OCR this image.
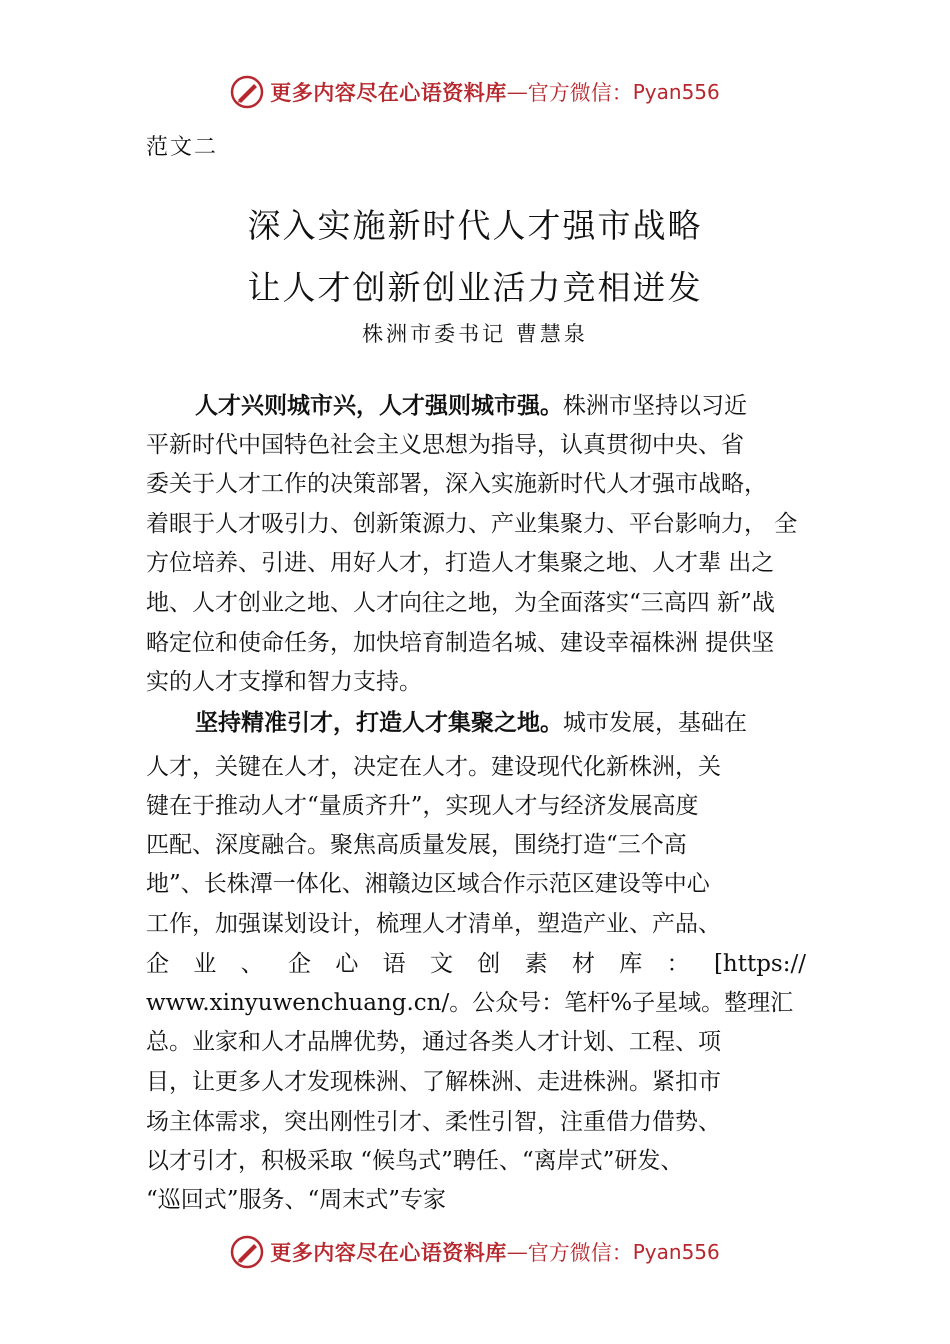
更多内容尽在心语资料库 — 官方微信： Pyan556
范文二
深入实施新时代人才强市战略
让人才创新创业活力竞相迸发
株洲市委书记 曹慧泉
人才兴则城市兴，人才强则城市强。株洲市坚持以习近
平新时代中国特色社会主义思想为指导，认真贯彻中央、省
委关于人才工作的决策部署，深入实施新时代人才强市战略，
着眼于人才吸引力、创新策源力、产业集聚力、平台影响力， 全
方位培养、引进、用好人才，打造人才集聚之地、人才辈 出之
地、人才创业之地、人才向往之地，为全面落实“三高四 新”战
略定位和使命任务，加快培育制造名城、建设幸福株洲 提供坚
实的人才支撑和智力支持。
坚持精准引才，打造人才集聚之地。城市发展，基础在
人才，关键在人才，决定在人才。建设现代化新株洲，关
键在于推动人才“量质齐升”，实现人才与经济发展高度
匹配、深度融合。聚焦高质量发展，围绕打造“三个高
地”、长株潭一体化、湘赣边区域合作示范区建设等中心
工作，加强谋划设计，梳理人才清单，塑造产业、产品、
企 业 、 企 心 语 文 创 素 材 库 ： [https://
www.xinyuwenchuang.cn/。公众号：笔杆%子星域。整理汇
总。业家和人才品牌优势，通过各类人才计划、工程、项
目，让更多人才发现株洲、了解株洲、走进株洲。紧扣市
场主体需求，突出刚性引才、柔性引智，注重借力借势、
以才引才，积极采取 “候鸟式”聘任、“离岸式”研发、
“巡回式”服务、“周末式”专家
更多内容尽在心语资料库 — 官方微信： Pyan556
